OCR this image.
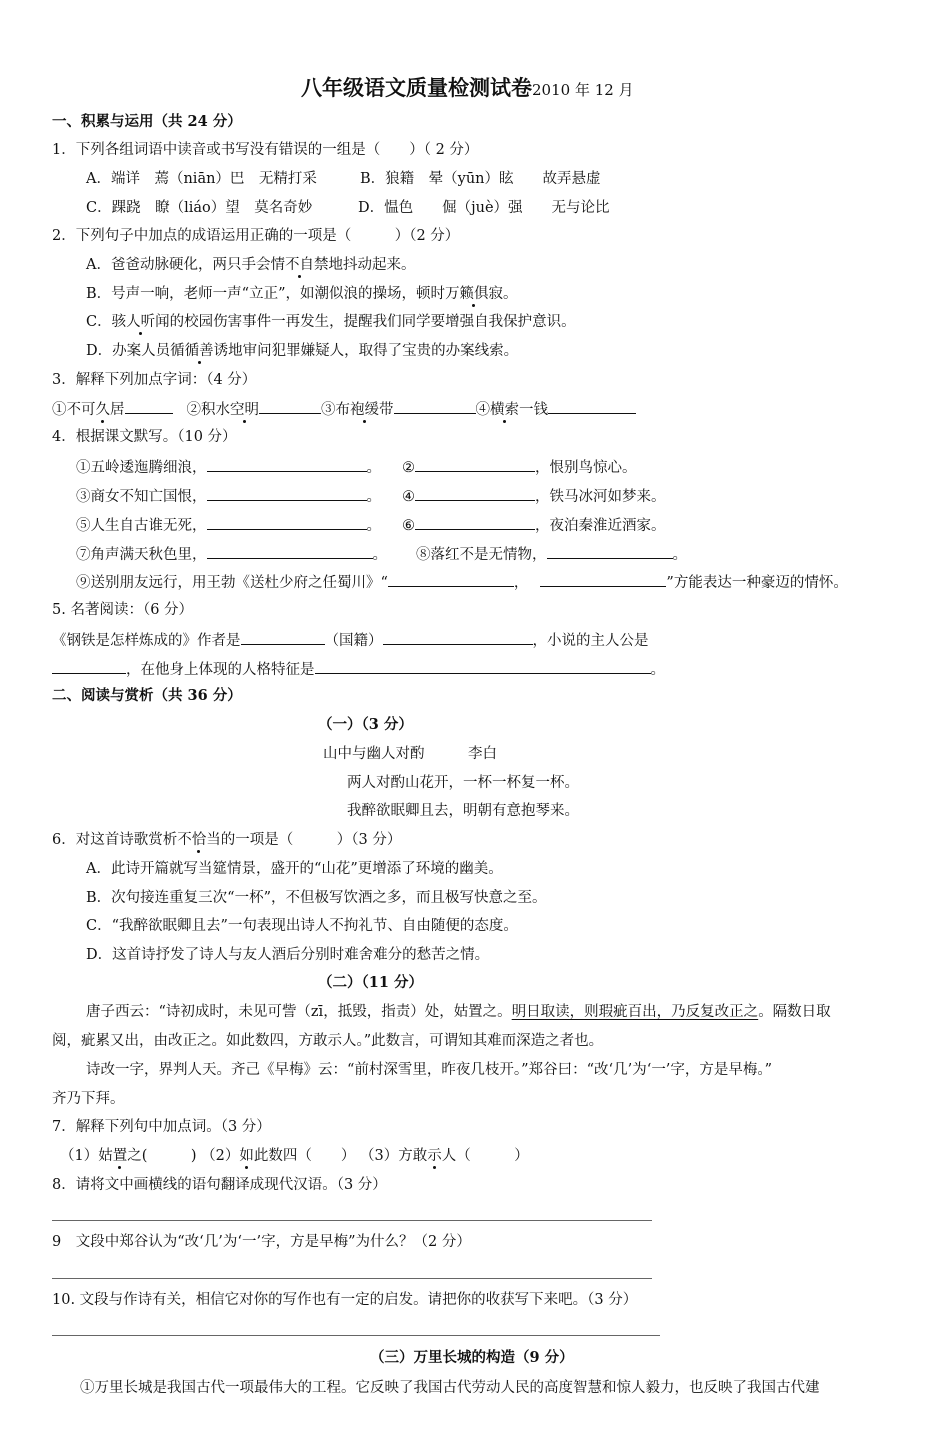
八年级语文质量检测试卷2010 年 12 月
一、积累与运用（共 24 分）
1．下列各组词语中读音或书写没有错误的一组是（　　）（ 2 分）
A．端详　蔫（niān）巴　无精打采	B．狼籍　晕（yūn）眩　　故弄悬虚
C．踝跷　瞭（liáo）望　莫名奇妙	D．愠色　　倔（juè）强　　无与论比
2．下列句子中加点的成语运用正确的一项是（　　　）（2 分）
A．爸爸动脉硬化，两只手会情不自禁地抖动起来。
B．号声一响，老师一声“立正”，如潮似浪的操场，顿时万籁俱寂。
C．骇人听闻的校园伤害事件一再发生，提醒我们同学要增强自我保护意识。
D．办案人员循循善诱地审问犯罪嫌疑人，取得了宝贵的办案线索。
3．解释下列加点字词：（4 分）
①不可久居	②积水空明	③布袍缓带	④横索一钱
4．根据课文默写。（10 分）
①五岭逶迤腾细浪，	。 ②	，恨别鸟惊心。
③商女不知亡国恨，	。 ④	，铁马冰河如梦来。
⑤人生自古谁无死，	。 ⑥	，夜泊秦淮近酒家。
⑦角声满天秋色里，	。 ⑧落红不是无情物，	。
⑨送别朋友远行，用王勃《送杜少府之任蜀川》“	，	”方能表达一种豪迈的情怀。
5. 名著阅读：（6 分）
《钢铁是怎样炼成的》作者是	（国籍）	，小说的主人公是
，在他身上体现的人格特征是	。
二、阅读与赏析（共 36 分）
（一）（3 分）
山中与幽人对酌　　　李白
两人对酌山花开，一杯一杯复一杯。
我醉欲眠卿且去，明朝有意抱琴来。
6．对这首诗歌赏析不恰当的一项是（　　　）（3 分）
A．此诗开篇就写当筵情景，盛开的“山花”更增添了环境的幽美。
B．次句接连重复三次“一杯”，不但极写饮酒之多，而且极写快意之至。
C．“我醉欲眠卿且去”一句表现出诗人不拘礼节、自由随便的态度。
D．这首诗抒发了诗人与友人酒后分别时难舍难分的愁苦之情。
（二）（11 分）
唐子西云：“诗初成时，未见可訾（zī，抵毁，指责）处，姑置之。明日取读，则瑕疵百出，乃反复改正之。隔数日取
阅，疵累又出，由改正之。如此数四，方敢示人。”此数言，可谓知其难而深造之者也。
诗改一字，界判人天。齐己《早梅》云：“前村深雪里，昨夜几枝开。”郑谷曰：“改‘几’为‘一’字，方是早梅。”
齐乃下拜。
7．解释下列句中加点词。（3 分）
（1）姑置之(　　　) （2）如此数四（　　） （3）方敢示人（　　　）
8．请将文中画横线的语句翻译成现代汉语。（3 分）
9　文段中郑谷认为“改‘几’为‘一’字，方是早梅”为什么？（2 分）
10. 文段与作诗有关，相信它对你的写作也有一定的启发。请把你的收获写下来吧。（3 分）
（三）万里长城的构造（9 分）
①万里长城是我国古代一项最伟大的工程。它反映了我国古代劳动人民的高度智慧和惊人毅力，也反映了我国古代建
